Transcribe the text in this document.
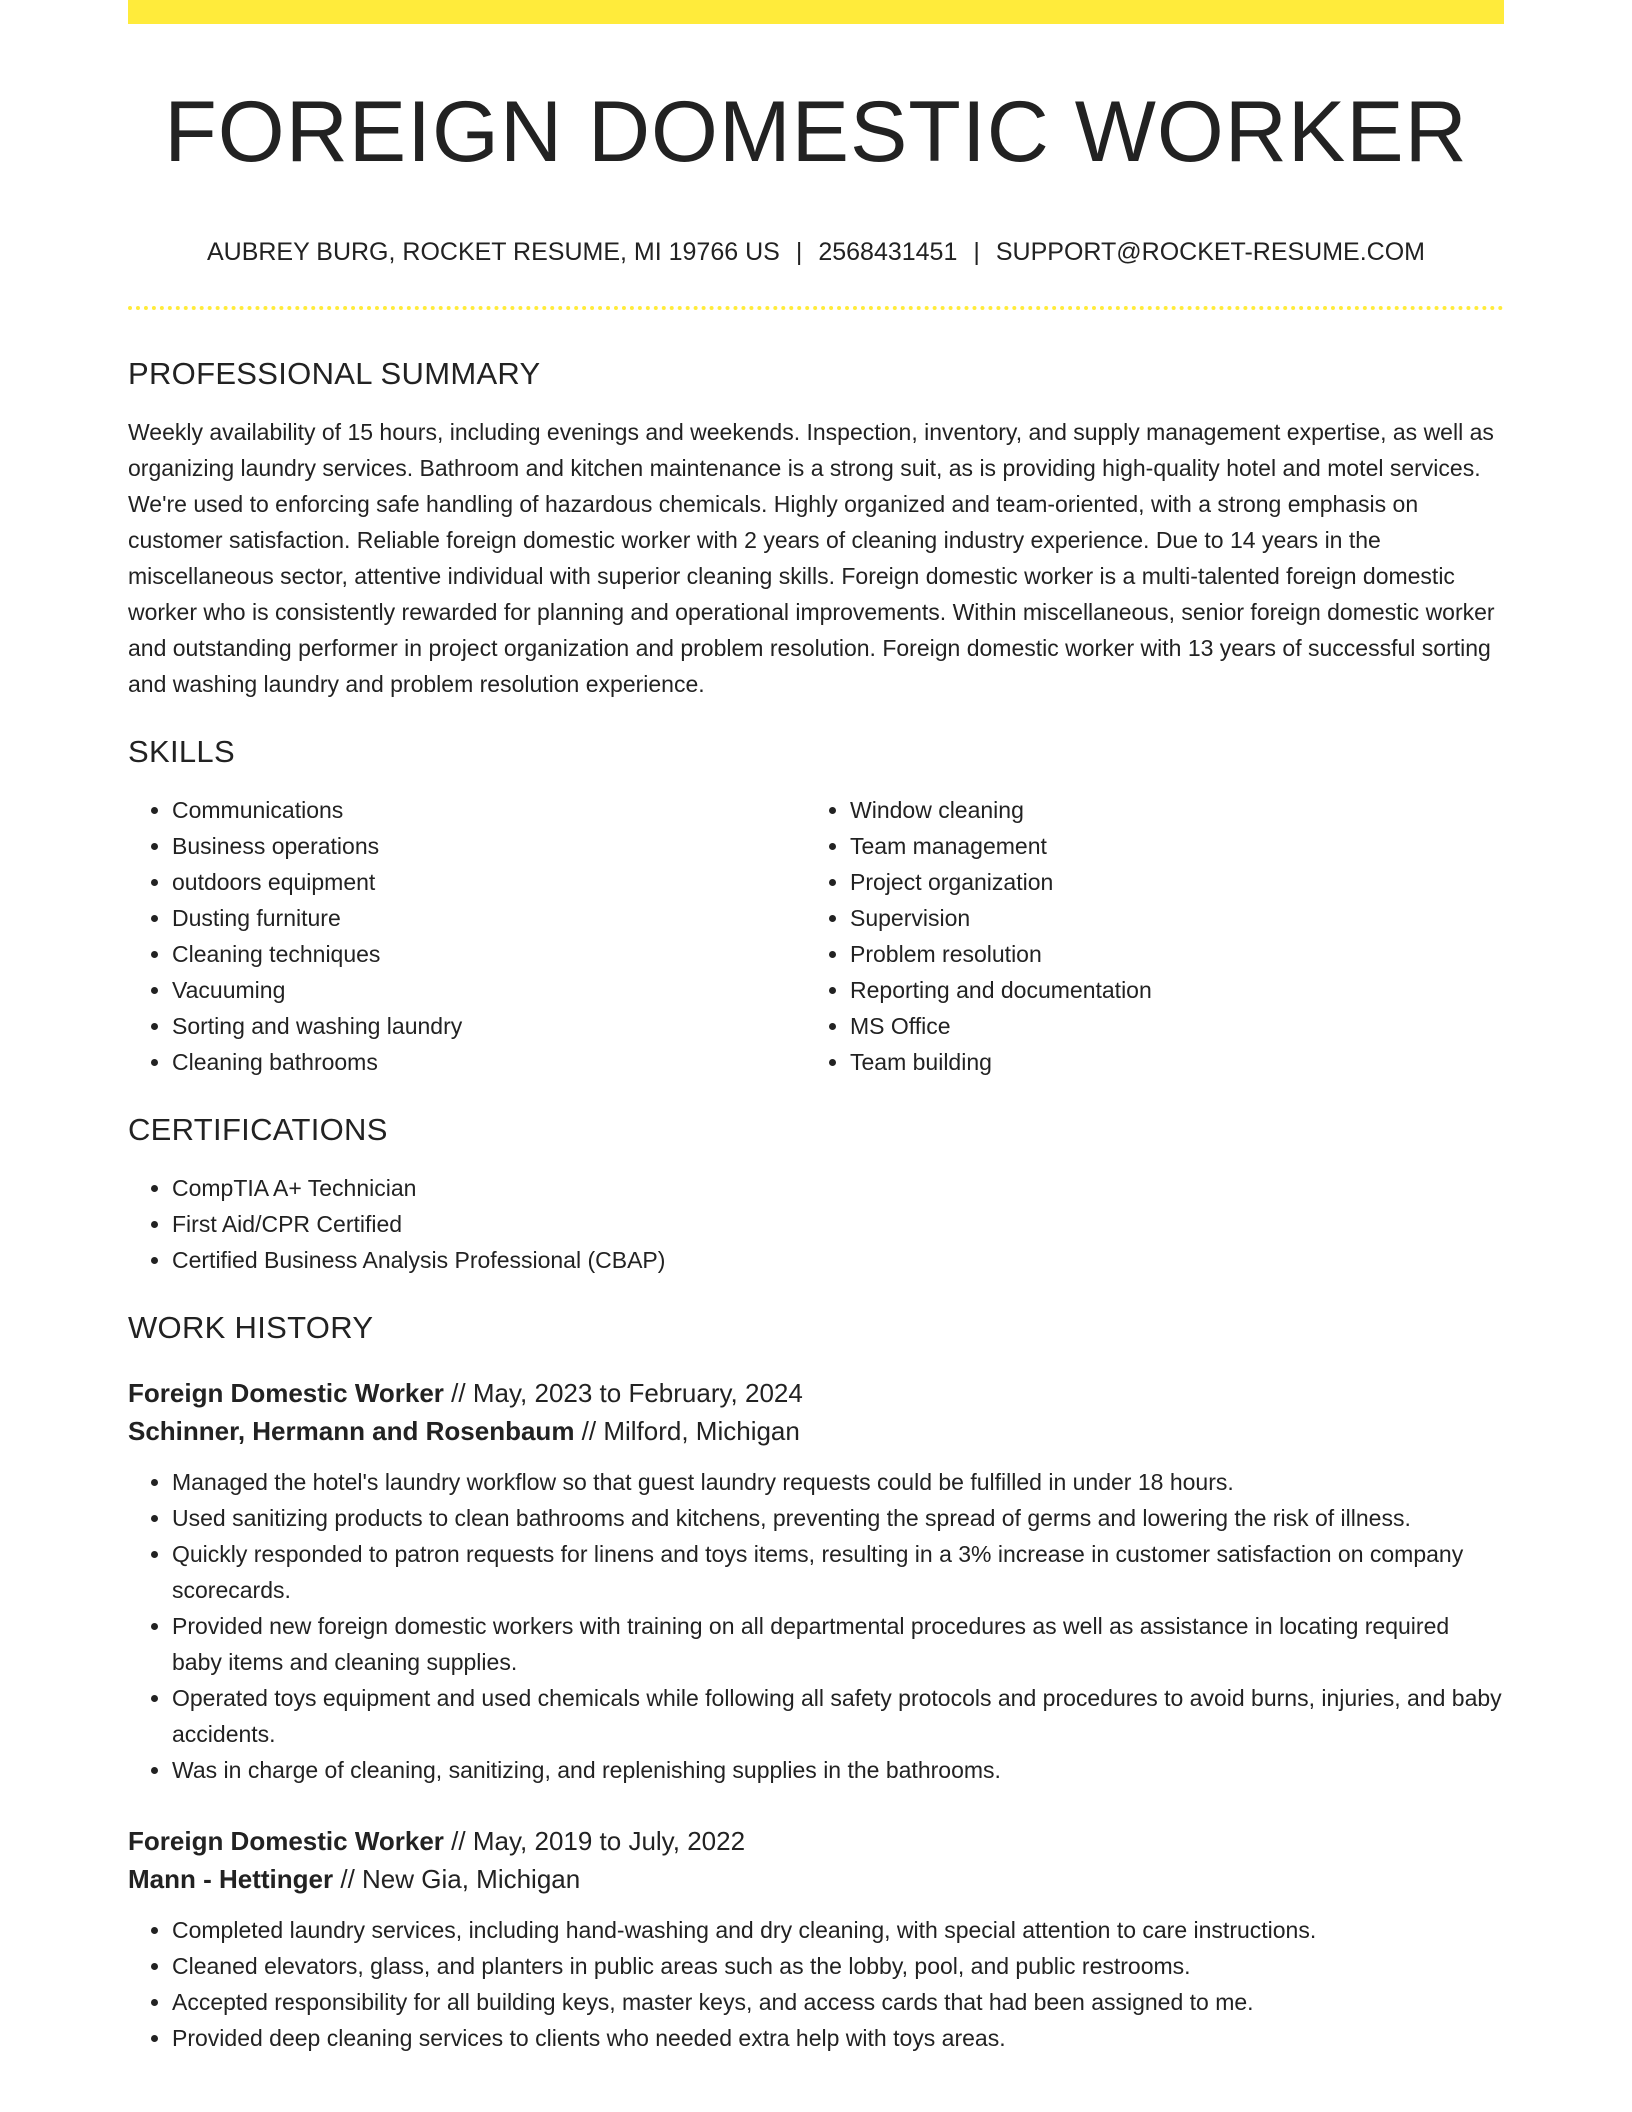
FOREIGN DOMESTIC WORKER
AUBREY BURG, ROCKET RESUME, MI 19766 US | 2568431451 | SUPPORT@ROCKET-RESUME.COM
PROFESSIONAL SUMMARY
Weekly availability of 15 hours, including evenings and weekends. Inspection, inventory, and supply management expertise, as well as organizing laundry services. Bathroom and kitchen maintenance is a strong suit, as is providing high-quality hotel and motel services. We're used to enforcing safe handling of hazardous chemicals. Highly organized and team-oriented, with a strong emphasis on customer satisfaction. Reliable foreign domestic worker with 2 years of cleaning industry experience. Due to 14 years in the miscellaneous sector, attentive individual with superior cleaning skills. Foreign domestic worker is a multi-talented foreign domestic worker who is consistently rewarded for planning and operational improvements. Within miscellaneous, senior foreign domestic worker and outstanding performer in project organization and problem resolution. Foreign domestic worker with 13 years of successful sorting and washing laundry and problem resolution experience.
SKILLS
• Communications
• Business operations
• outdoors equipment
• Dusting furniture
• Cleaning techniques
• Vacuuming
• Sorting and washing laundry
• Cleaning bathrooms
• Window cleaning
• Team management
• Project organization
• Supervision
• Problem resolution
• Reporting and documentation
• MS Office
• Team building
CERTIFICATIONS
• CompTIA A+ Technician
• First Aid/CPR Certified
• Certified Business Analysis Professional (CBAP)
WORK HISTORY
Foreign Domestic Worker // May, 2023 to February, 2024
Schinner, Hermann and Rosenbaum // Milford, Michigan
• Managed the hotel's laundry workflow so that guest laundry requests could be fulfilled in under 18 hours.
• Used sanitizing products to clean bathrooms and kitchens, preventing the spread of germs and lowering the risk of illness.
• Quickly responded to patron requests for linens and toys items, resulting in a 3% increase in customer satisfaction on company scorecards.
• Provided new foreign domestic workers with training on all departmental procedures as well as assistance in locating required baby items and cleaning supplies.
• Operated toys equipment and used chemicals while following all safety protocols and procedures to avoid burns, injuries, and baby accidents.
• Was in charge of cleaning, sanitizing, and replenishing supplies in the bathrooms.
Foreign Domestic Worker // May, 2019 to July, 2022
Mann - Hettinger // New Gia, Michigan
• Completed laundry services, including hand-washing and dry cleaning, with special attention to care instructions.
• Cleaned elevators, glass, and planters in public areas such as the lobby, pool, and public restrooms.
• Accepted responsibility for all building keys, master keys, and access cards that had been assigned to me.
• Provided deep cleaning services to clients who needed extra help with toys areas.
